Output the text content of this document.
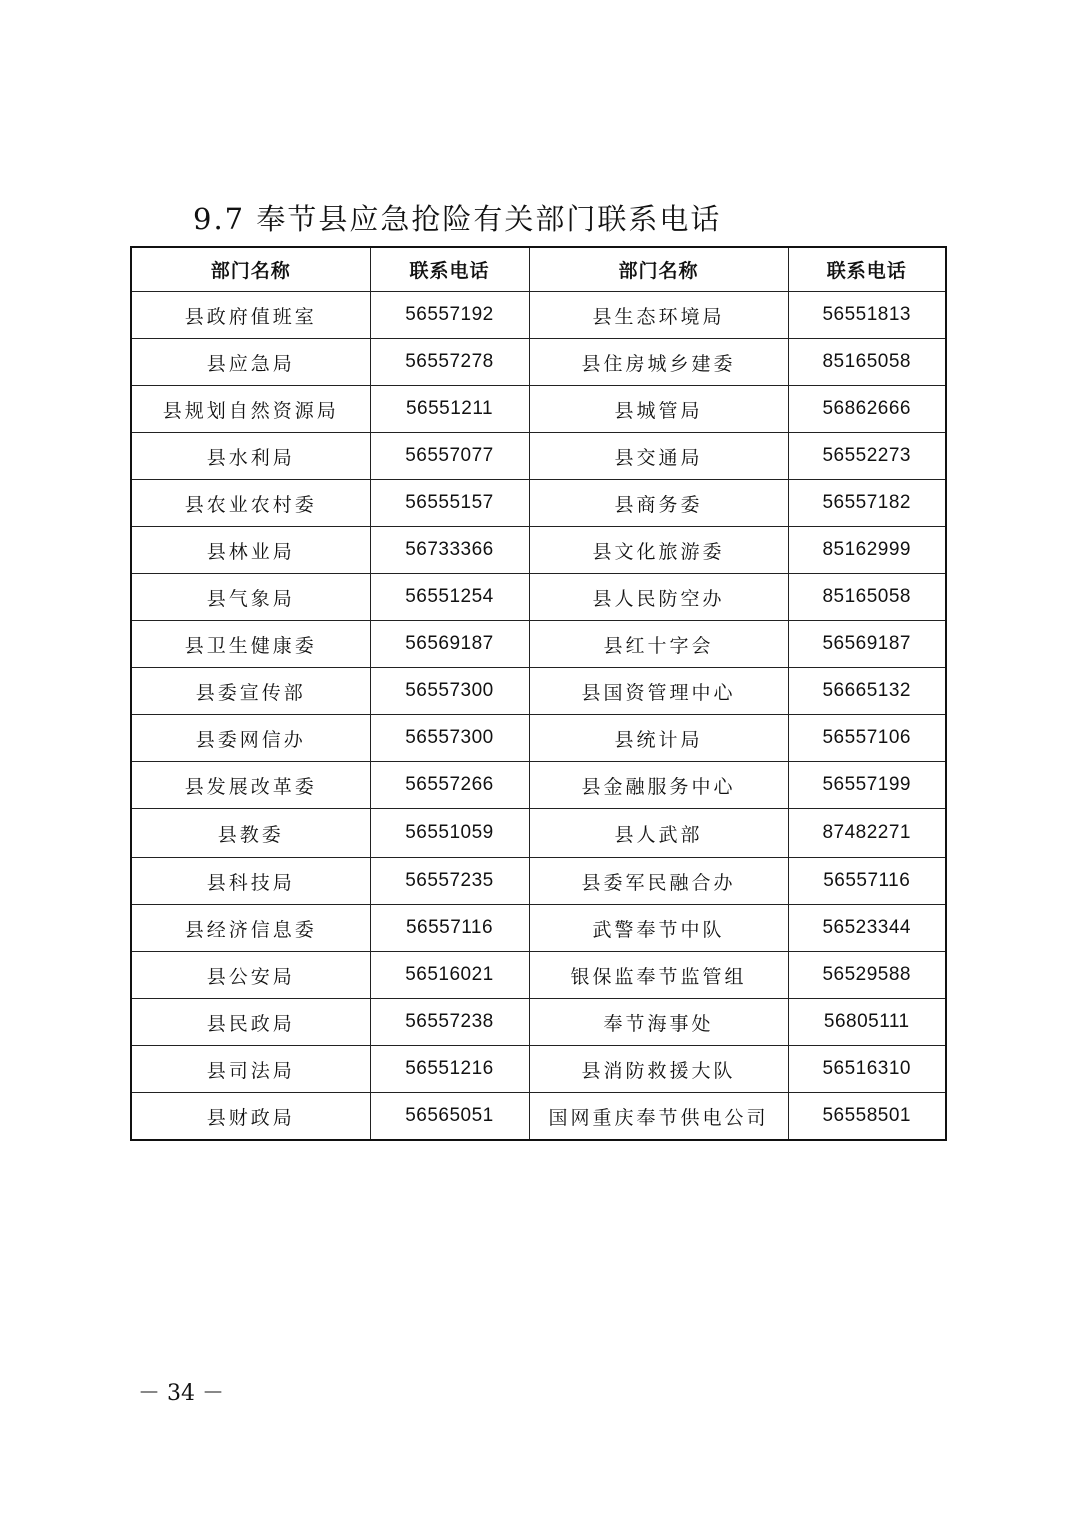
9.7 奉节县应急抢险有关部门联系电话
部门名称	联系电话	部门名称	联系电话
县政府值班室	56557192	县生态环境局	56551813
县应急局	56557278	县住房城乡建委	85165058
县规划自然资源局	56551211	县城管局	56862666
县水利局	56557077	县交通局	56552273
县农业农村委	56555157	县商务委	56557182
县林业局	56733366	县文化旅游委	85162999
县气象局	56551254	县人民防空办	85165058
县卫生健康委	56569187	县红十字会	56569187
县委宣传部	56557300	县国资管理中心	56665132
县委网信办	56557300	县统计局	56557106
县发展改革委	56557266	县金融服务中心	56557199
县教委	56551059	县人武部	87482271
县科技局	56557235	县委军民融合办	56557116
县经济信息委	56557116	武警奉节中队	56523344
县公安局	56516021	银保监奉节监管组	56529588
县民政局	56557238	奉节海事处	56805111
县司法局	56551216	县消防救援大队	56516310
县财政局	56565051	国网重庆奉节供电公司	56558501
－ 34 －
